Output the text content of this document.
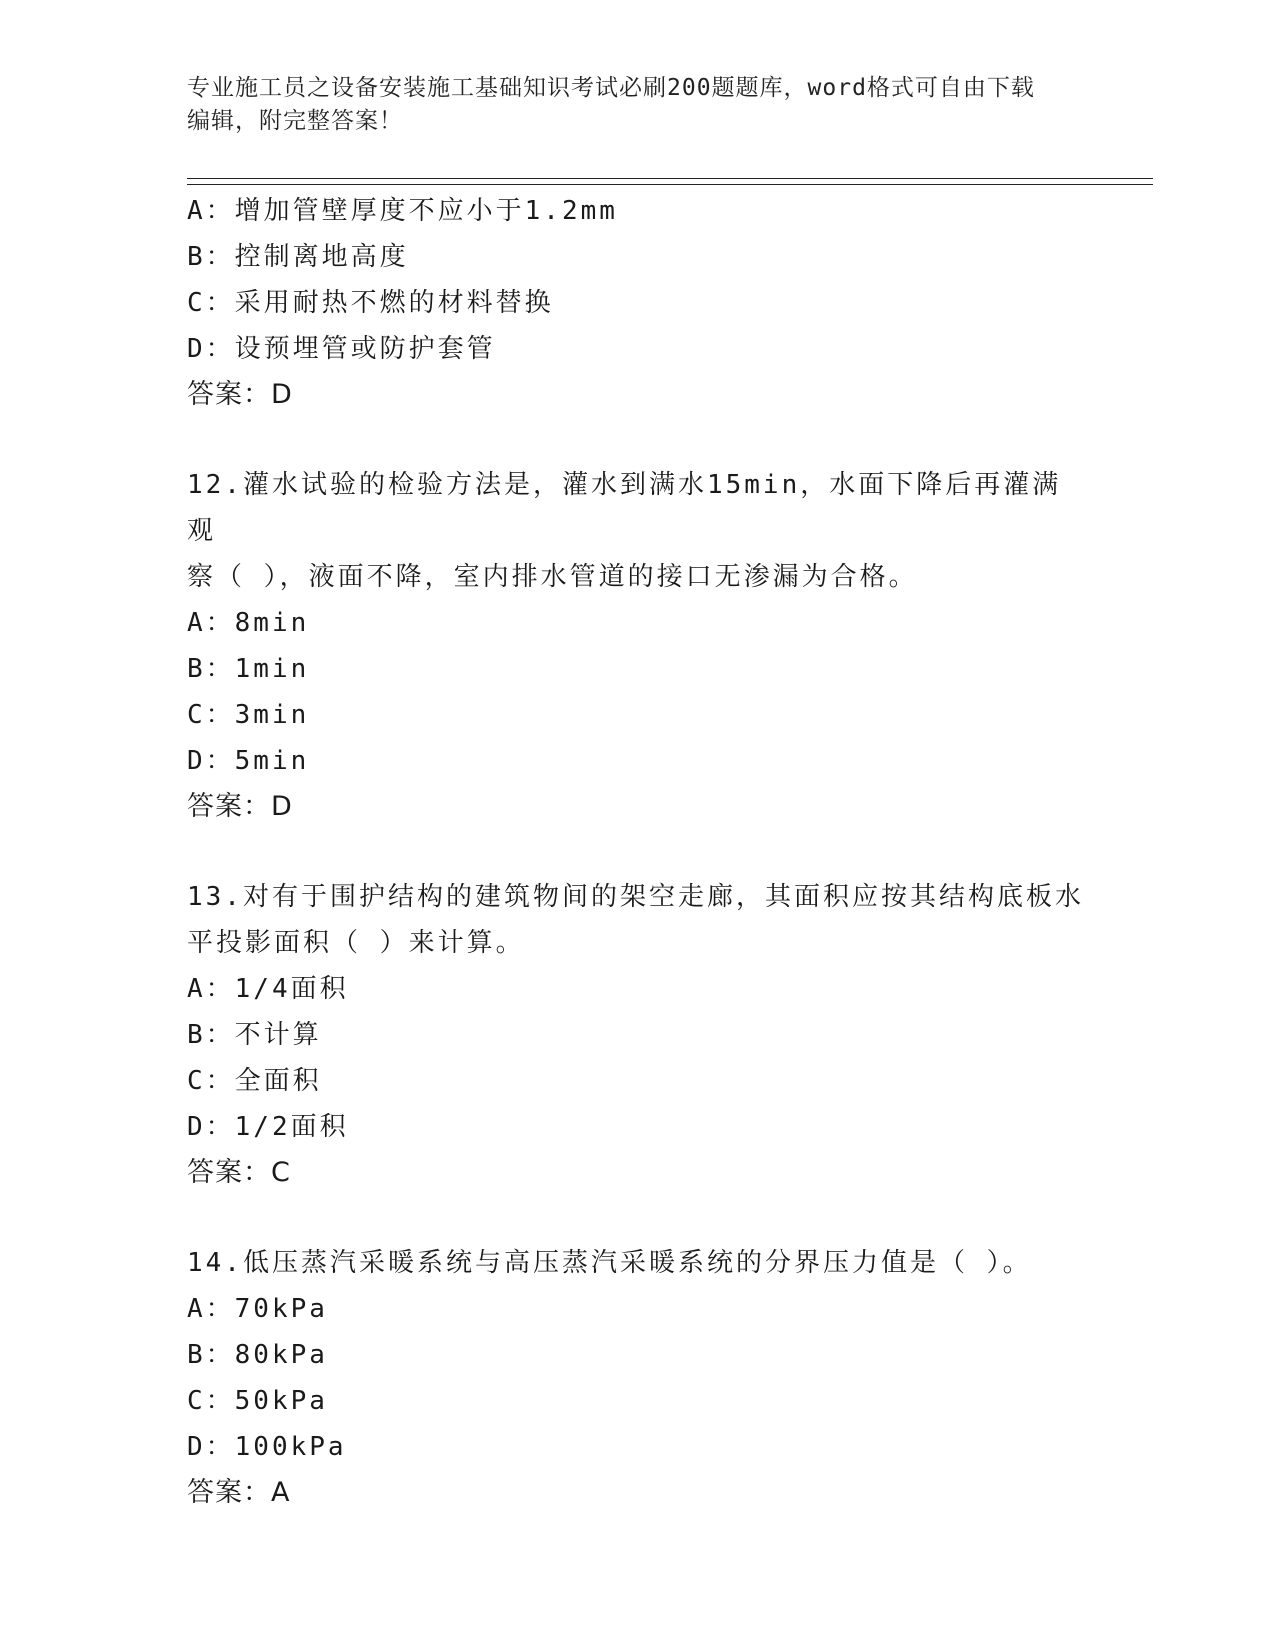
专业施工员之设备安装施工基础知识考试必刷200题题库，word格式可自由下载
编辑，附完整答案！
A：增加管壁厚度不应小于1.2mm
B：控制离地高度
C：采用耐热不燃的材料替换
D：设预埋管或防护套管
答案：D
12.灌水试验的检验方法是，灌水到满水15min，水面下降后再灌满观
察（ ），液面不降，室内排水管道的接口无渗漏为合格。
A：8min
B：1min
C：3min
D：5min
答案：D
13.对有于围护结构的建筑物间的架空走廊，其面积应按其结构底板水
平投影面积（ ）来计算。
A：1/4面积
B：不计算
C：全面积
D：1/2面积
答案：C
14.低压蒸汽采暖系统与高压蒸汽采暖系统的分界压力值是（ ）。
A：70kPa
B：80kPa
C：50kPa
D：100kPa
答案：A
